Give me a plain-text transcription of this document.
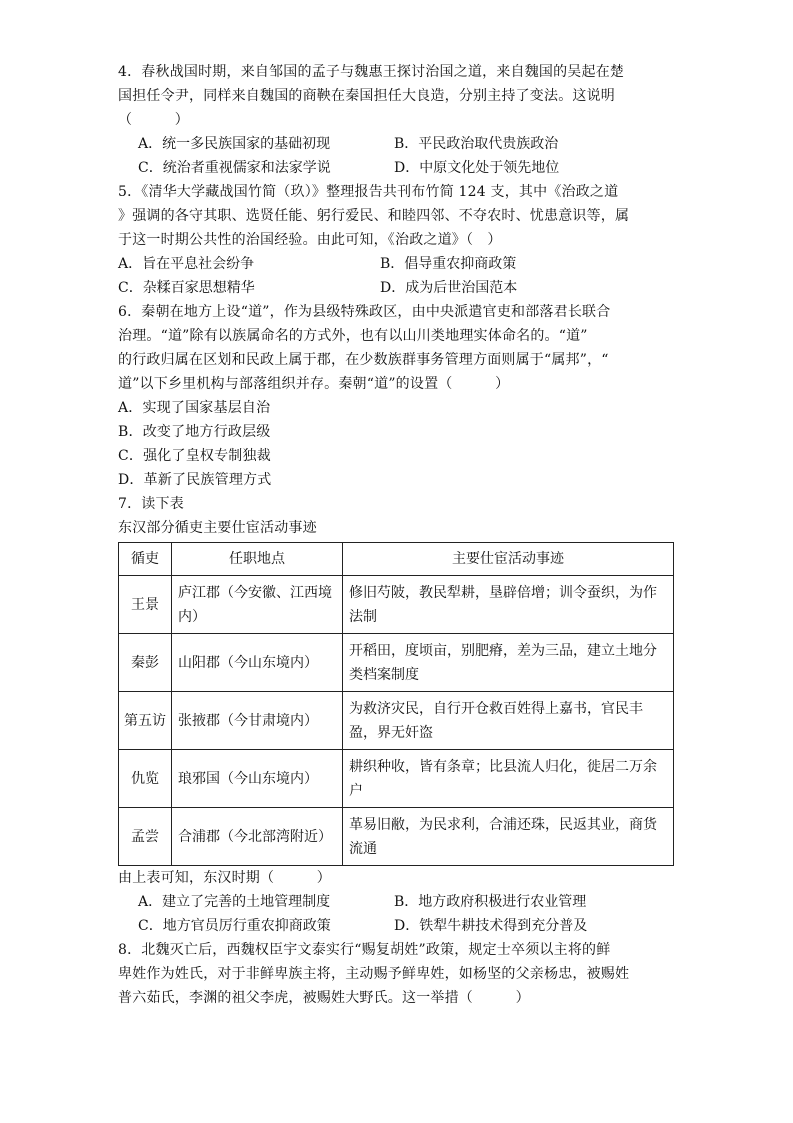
4．春秋战国时期，来自邹国的孟子与魏惠王探讨治国之道，来自魏国的吴起在楚
国担任令尹，同样来自魏国的商鞅在秦国担任大良造，分别主持了变法。这说明
（　　　）
A．统一多民族国家的基础初现	B．平民政治取代贵族政治
C．统治者重视儒家和法家学说	D．中原文化处于领先地位
5．《清华大学藏战国竹简（玖）》整理报告共刊布竹简 124 支，其中《治政之道
》强调的各守其职、选贤任能、躬行爱民、和睦四邻、不夺农时、忧患意识等，属
于这一时期公共性的治国经验。由此可知，《治政之道》（　）
A．旨在平息社会纷争	B．倡导重农抑商政策
C．杂糅百家思想精华	D．成为后世治国范本
6．秦朝在地方上设“道”，作为县级特殊政区，由中央派遣官吏和部落君长联合
治理。“道”除有以族属命名的方式外，也有以山川类地理实体命名的。“道”
的行政归属在区划和民政上属于郡，在少数族群事务管理方面则属于“属邦”，“
道”以下乡里机构与部落组织并存。秦朝“道”的设置（　　　）
A．实现了国家基层自治
B．改变了地方行政层级
C．强化了皇权专制独裁
D．革新了民族管理方式
7．读下表
东汉部分循吏主要仕宦活动事迹
循吏	任职地点	主要仕宦活动事迹
王景	庐江郡（今安徽、江西境内）	修旧芍陂，教民犁耕，垦辟倍增；训令蚕织，为作法制
秦彭	山阳郡（今山东境内）	开稻田，度顷亩，别肥瘠，差为三品，建立土地分类档案制度
第五访	张掖郡（今甘肃境内）	为救济灾民，自行开仓救百姓得上嘉书，官民丰盈，界无奸盗
仇览	琅邪国（今山东境内）	耕织种收，皆有条章；比县流人归化，徙居二万余户
孟尝	合浦郡（今北部湾附近）	革易旧敝，为民求利，合浦还珠，民返其业，商货流通
由上表可知，东汉时期（　　　）
A．建立了完善的土地管理制度	B．地方政府积极进行农业管理
C．地方官员厉行重农抑商政策	D．铁犁牛耕技术得到充分普及
8．北魏灭亡后，西魏权臣宇文泰实行“赐复胡姓”政策，规定士卒须以主将的鲜
卑姓作为姓氏，对于非鲜卑族主将，主动赐予鲜卑姓，如杨坚的父亲杨忠，被赐姓
普六茹氏，李渊的祖父李虎，被赐姓大野氏。这一举措（　　　）
